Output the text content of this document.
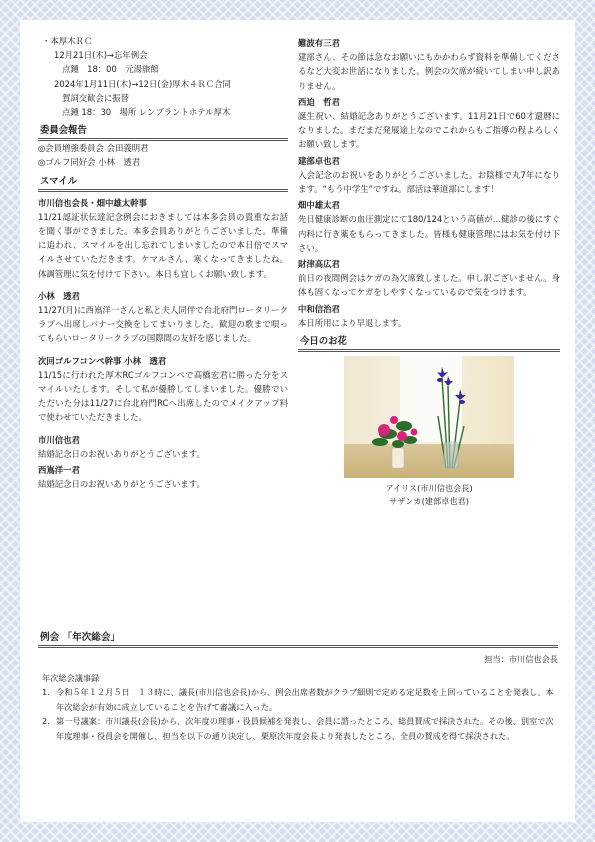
・本厚木ＲＣ
12月21日(木)→忘年例会
点鍾　18：00　元湯旅館
2024年1月11日(木)→12日(金)厚木４ＲＣ合同
賀詞交歓会に振替
点鍾 18：30　場所 レンブラントホテル厚木
委員会報告
◎会員増強委員会 会田義明君
◎ゴルフ同好会 小林　透君
スマイル
市川信也会長・畑中雄太幹事
11/21認証状伝達記念例会におきましては本多会員の貴重なお話を聞く事ができました。本多会員ありがとうございました。準備に追われ、スマイルを出し忘れてしまいましたので本日倍でスマイルさせていただきます。ケマルさん、寒くなってきましたね。体調管理に気を付けて下さい。本日も宜しくお願い致します。
小林　透君
11/27(月)に西嶌洋一さんと私と夫人同伴で台北府門ロータリークラブへ出席しバナー交換をしてまいりました。歓迎の歌まで唄ってもらいロータリークラブの国際間の友好を感じました。
次回ゴルフコンペ幹事 小林　透君
11/15に行われた厚木RCゴルフコンペで高橋宏君に勝った分をスマイルいたします。そして私が優勝してしまいました。優勝でいただいた分は11/27に台北府門RCへ出席したのでメイクアップ料で使わせていただきました。
市川信也君
結婚記念日のお祝いありがとうございます。
西嶌洋一君
結婚記念日のお祝いありがとうございます。
難波有三君
建部さん、その節は急なお願いにもかかわらず資料を準備してくださるなど大変お世話になりました。例会の欠席が続いてしまい申し訳ありません。
西迫　哲君
誕生祝い、結婚記念ありがとうございます。11月21日で60才還暦になりました。まだまだ発展途上なのでこれからもご指導の程よろしくお願い致します。
建部卓也君
入会記念のお祝いをありがとうございました。お陰様で丸7年になります。“もう中学生”ですね。部活は華道部にします！
畑中雄太君
先日健康診断の血圧測定にて180/124という高値が…健診の後にすぐ内科に行き薬をもらってきました。皆様も健康管理にはお気を付け下さい。
財津高広君
前日の夜間例会はケガの為欠席致しました。申し訳ございません。身体も固くなってケガをしやすくなっているので気をつけます。
中和信治君
本日所用により早退します。
今日のお花
アイリス(市川信也会長)
サザンカ(建部卓也君)
例会 「年次総会」
担当：市川信也会長
年次総会議事録
1. 令和５年１２月５日　１３時に、議長(市川信也会長)から、例会出席者数がクラブ細則で定める定足数を上回っていることを発表し、本年次総会が有効に成立していることを告げて審議に入った。
2. 第一号議案：市川議長(会長)から、次年度の理事・役員候補を発表し、会員に諮ったところ、総員賛成で採決された。その後、別室で次年度理事・役員会を開催し、担当を以下の通り決定し、栗原次年度会長より発表したところ、全員の賛成を得て採決された。
